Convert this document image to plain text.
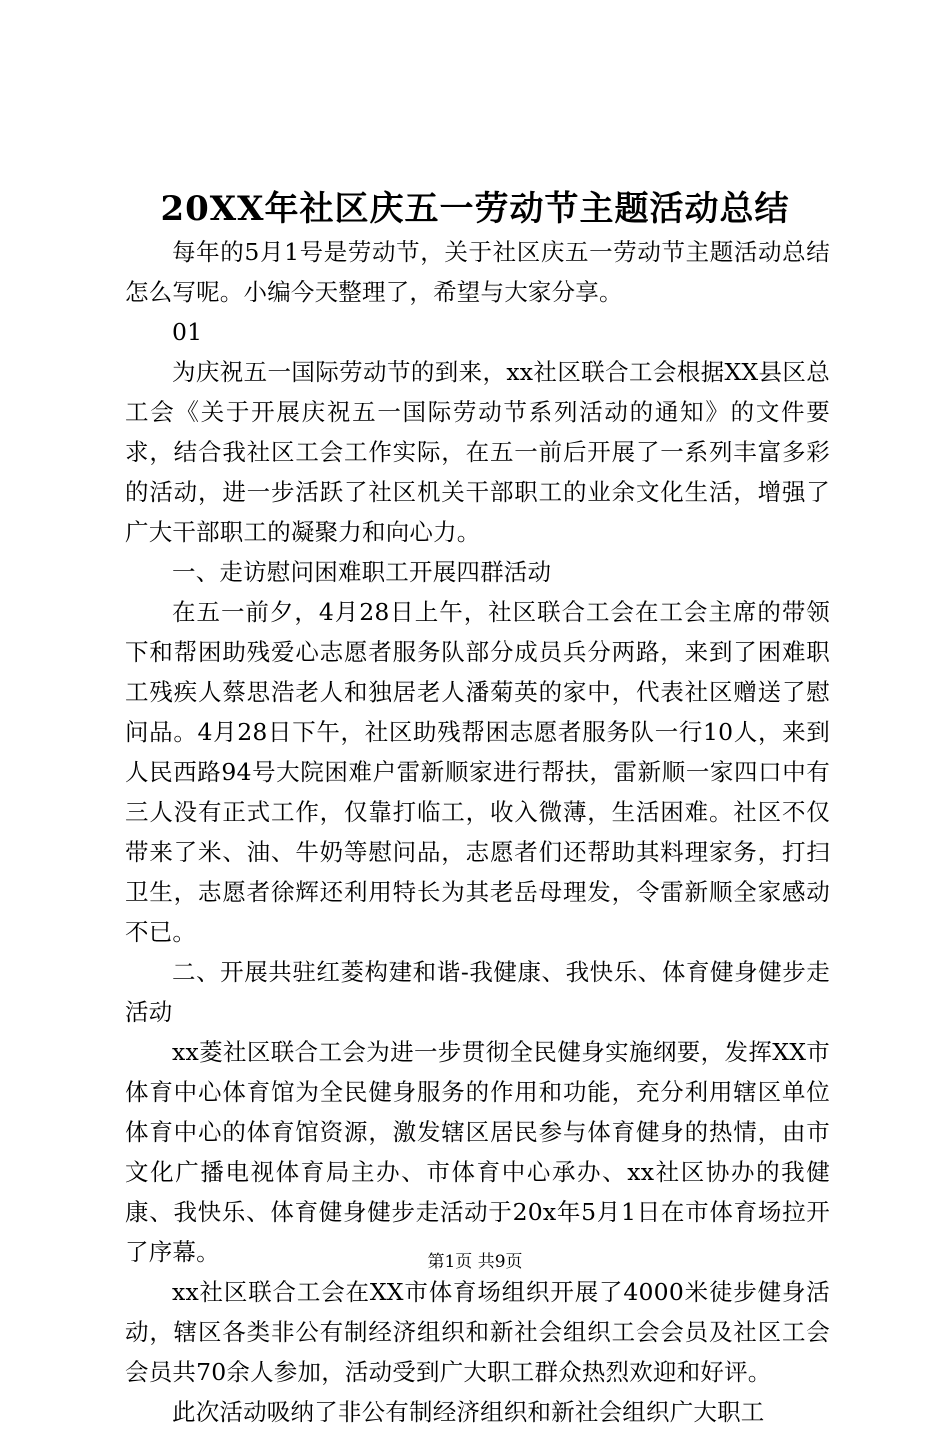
20XX年社区庆五一劳动节主题活动总结

每年的5月1号是劳动节，关于社区庆五一劳动节主题活动总结怎么写呢。小编今天整理了，希望与大家分享。

01

为庆祝五一国际劳动节的到来，xx社区联合工会根据XX县区总工会《关于开展庆祝五一国际劳动节系列活动的通知》的文件要求，结合我社区工会工作实际，在五一前后开展了一系列丰富多彩的活动，进一步活跃了社区机关干部职工的业余文化生活，增强了广大干部职工的凝聚力和向心力。

一、走访慰问困难职工开展四群活动

在五一前夕，4月28日上午，社区联合工会在工会主席的带领下和帮困助残爱心志愿者服务队部分成员兵分两路，来到了困难职工残疾人蔡思浩老人和独居老人潘菊英的家中，代表社区赠送了慰问品。4月28日下午，社区助残帮困志愿者服务队一行10人，来到人民西路94号大院困难户雷新顺家进行帮扶，雷新顺一家四口中有三人没有正式工作，仅靠打临工，收入微薄，生活困难。社区不仅带来了米、油、牛奶等慰问品，志愿者们还帮助其料理家务，打扫卫生，志愿者徐辉还利用特长为其老岳母理发，令雷新顺全家感动不已。

二、开展共驻红菱构建和谐-我健康、我快乐、体育健身健步走活动

xx菱社区联合工会为进一步贯彻全民健身实施纲要，发挥XX市体育中心体育馆为全民健身服务的作用和功能，充分利用辖区单位体育中心的体育馆资源，激发辖区居民参与体育健身的热情，由市文化广播电视体育局主办、市体育中心承办、xx社区协办的我健康、我快乐、体育健身健步走活动于20x年5月1日在市体育场拉开了序幕。

xx社区联合工会在XX市体育场组织开展了4000米徒步健身活动，辖区各类非公有制经济组织和新社会组织工会会员及社区工会会员共70余人参加，活动受到广大职工群众热烈欢迎和好评。

此次活动吸纳了非公有制经济组织和新社会组织广大职工

第1页 共9页
